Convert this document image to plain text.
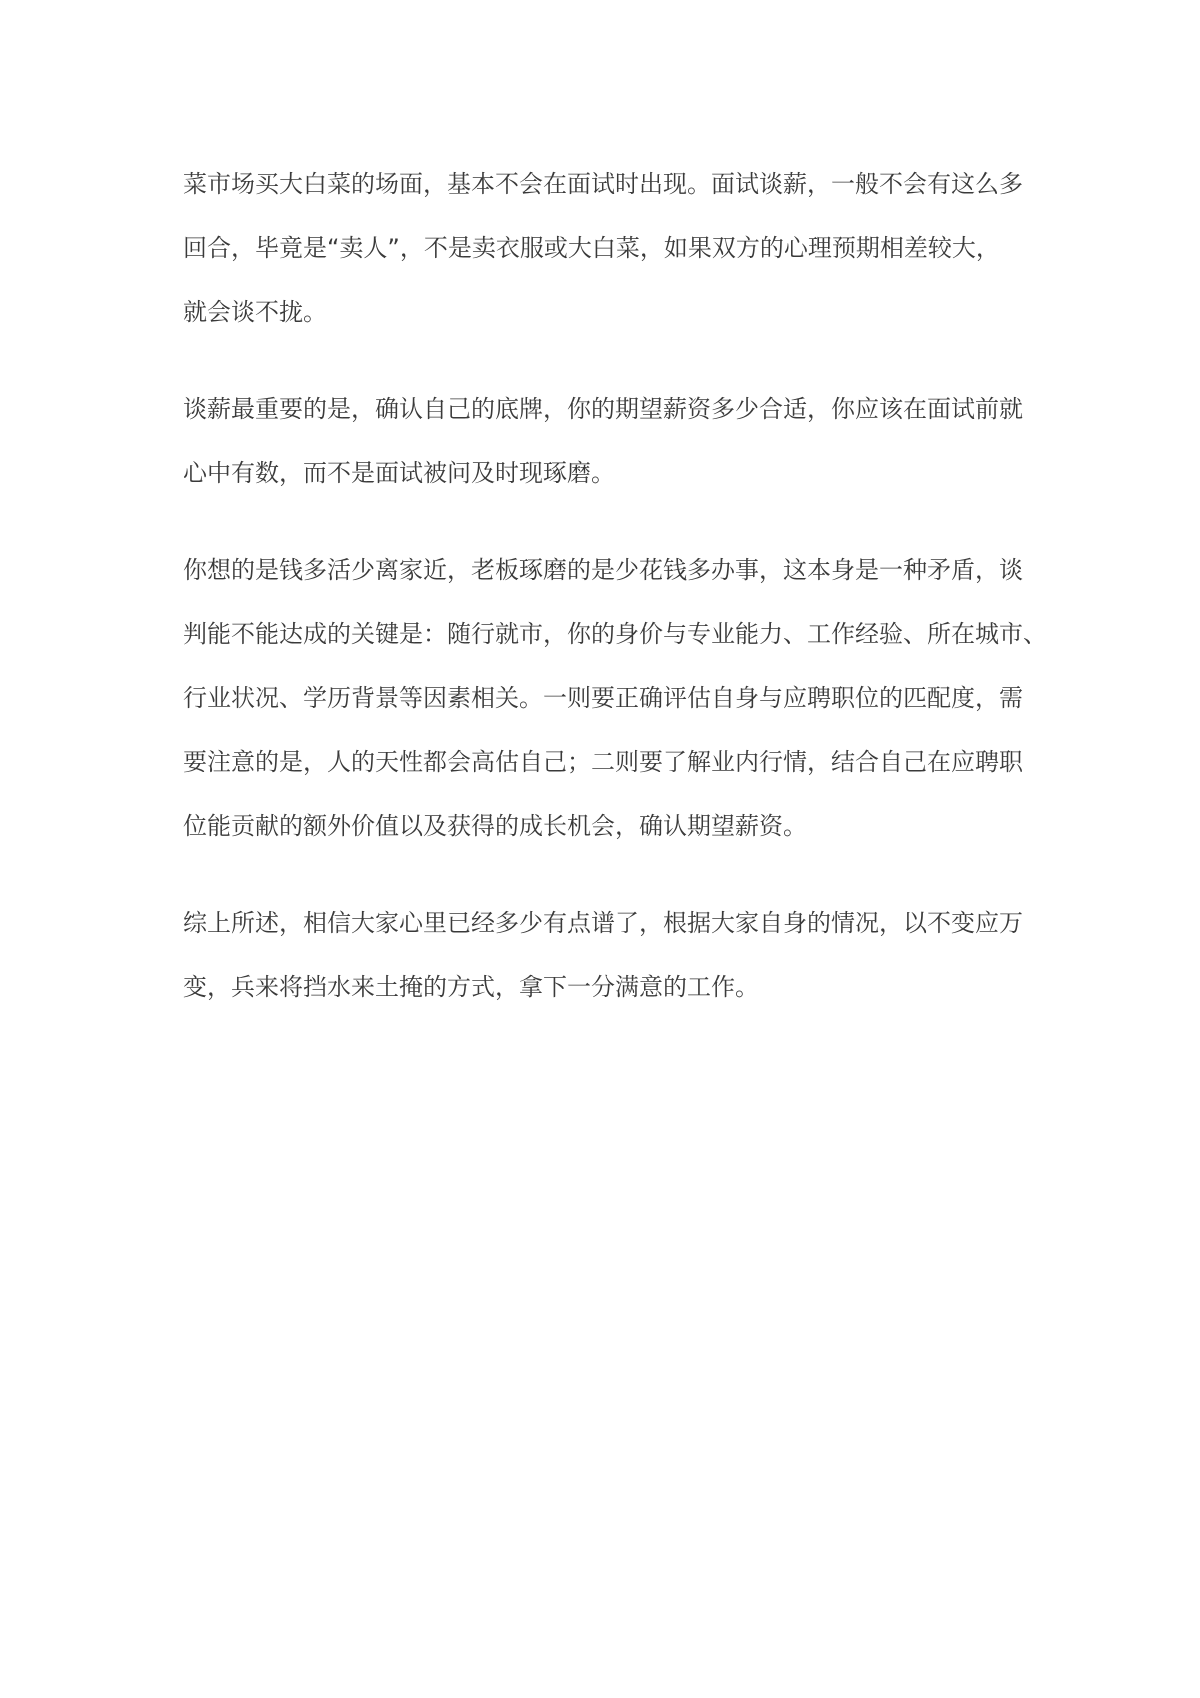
菜市场买大白菜的场面，基本不会在面试时出现。面试谈薪，一般不会有这么多
回合，毕竟是“卖人”，不是卖衣服或大白菜，如果双方的心理预期相差较大，
就会谈不拢。
谈薪最重要的是，确认自己的底牌，你的期望薪资多少合适，你应该在面试前就
心中有数，而不是面试被问及时现琢磨。
你想的是钱多活少离家近，老板琢磨的是少花钱多办事，这本身是一种矛盾，谈
判能不能达成的关键是：随行就市，你的身价与专业能力、工作经验、所在城市、
行业状况、学历背景等因素相关。一则要正确评估自身与应聘职位的匹配度，需
要注意的是，人的天性都会高估自己；二则要了解业内行情，结合自己在应聘职
位能贡献的额外价值以及获得的成长机会，确认期望薪资。
综上所述，相信大家心里已经多少有点谱了，根据大家自身的情况，以不变应万
变，兵来将挡水来土掩的方式，拿下一分满意的工作。
